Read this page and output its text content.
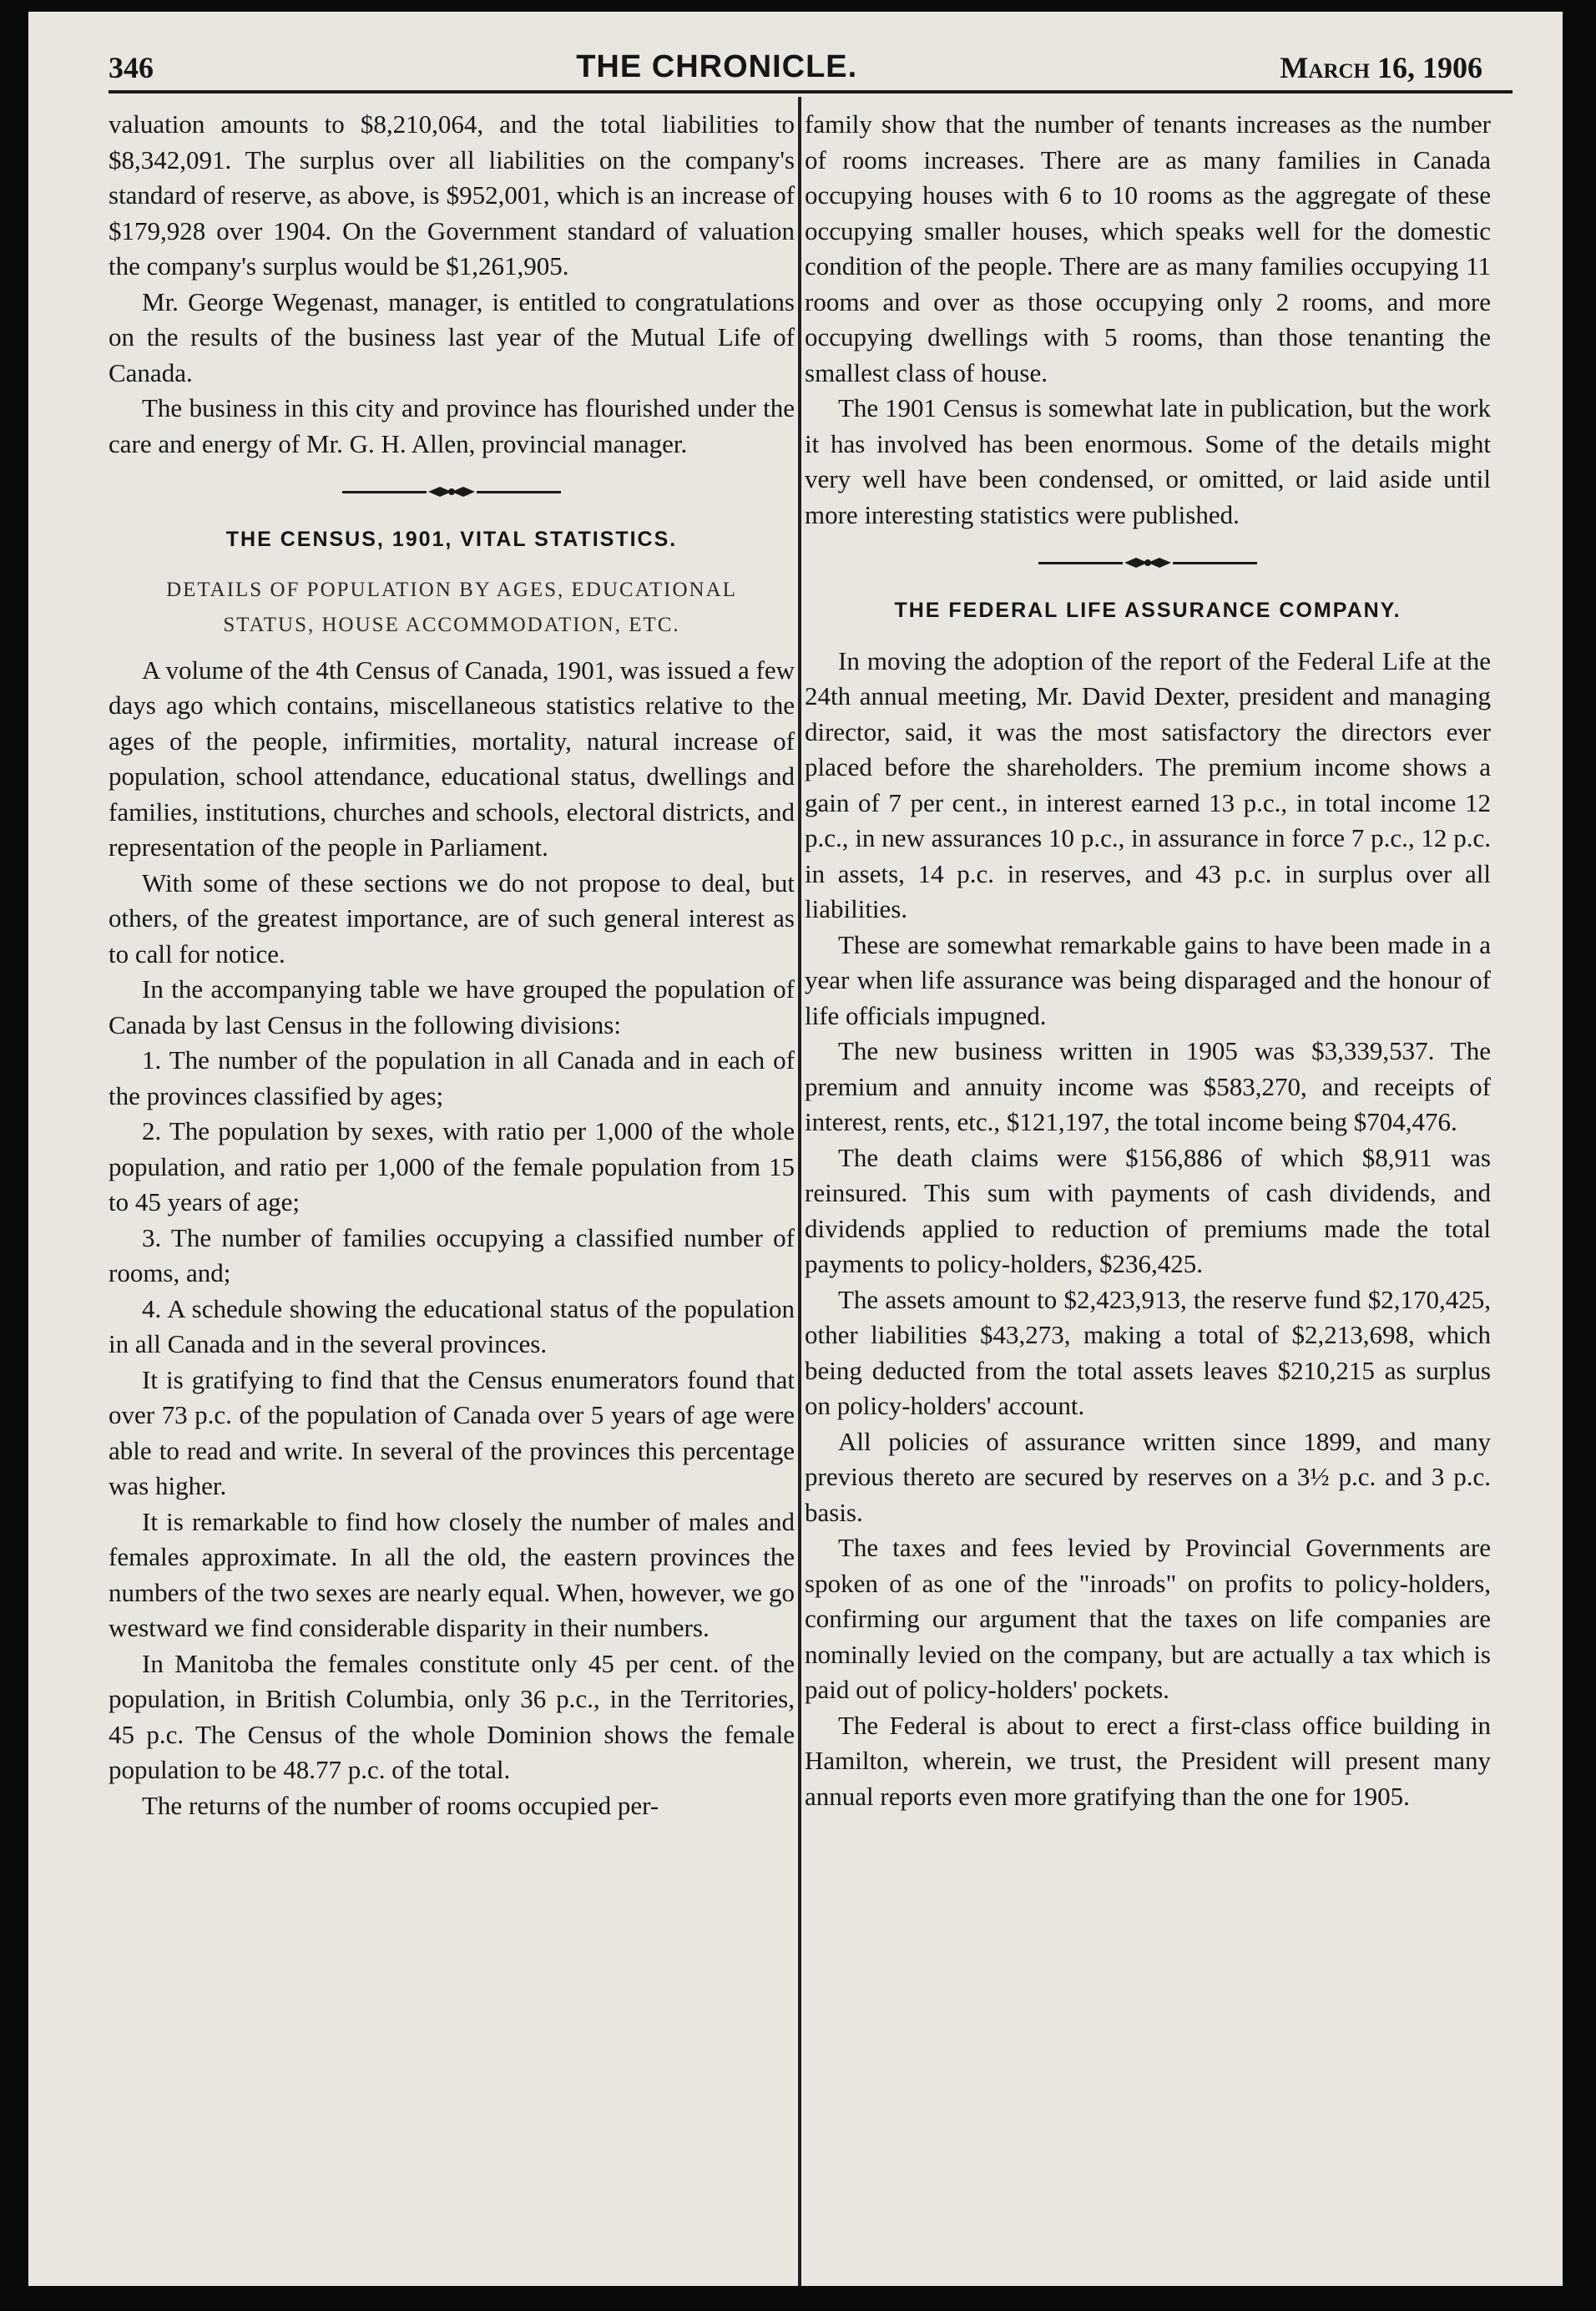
346	THE CHRONICLE.	March 16, 1906

valuation amounts to $8,210,064, and the total liabilities to $8,342,091. The surplus over all liabilities on the company's standard of reserve, as above, is $952,001, which is an increase of $179,928 over 1904. On the Government standard of valuation the company's surplus would be $1,261,905.

Mr. George Wegenast, manager, is entitled to congratulations on the results of the business last year of the Mutual Life of Canada.

The business in this city and province has flourished under the care and energy of Mr. G. H. Allen, provincial manager.

THE CENSUS, 1901, VITAL STATISTICS.
DETAILS OF POPULATION BY AGES, EDUCATIONAL STATUS, HOUSE ACCOMMODATION, ETC.

A volume of the 4th Census of Canada, 1901, was issued a few days ago which contains, miscellaneous statistics relative to the ages of the people, infirmities, mortality, natural increase of population, school attendance, educational status, dwellings and families, institutions, churches and schools, electoral districts, and representation of the people in Parliament.

With some of these sections we do not propose to deal, but others, of the greatest importance, are of such general interest as to call for notice.

In the accompanying table we have grouped the population of Canada by last Census in the following divisions:

1. The number of the population in all Canada and in each of the provinces classified by ages;

2. The population by sexes, with ratio per 1,000 of the whole population, and ratio per 1,000 of the female population from 15 to 45 years of age;

3. The number of families occupying a classified number of rooms, and;

4. A schedule showing the educational status of the population in all Canada and in the several provinces.

It is gratifying to find that the Census enumerators found that over 73 p.c. of the population of Canada over 5 years of age were able to read and write. In several of the provinces this percentage was higher.

It is remarkable to find how closely the number of males and females approximate. In all the old, the eastern provinces the numbers of the two sexes are nearly equal. When, however, we go westward we find considerable disparity in their numbers.

In Manitoba the females constitute only 45 per cent. of the population, in British Columbia, only 36 p.c., in the Territories, 45 p.c. The Census of the whole Dominion shows the female population to be 48.77 p.c. of the total.

The returns of the number of rooms occupied per-

family show that the number of tenants increases as the number of rooms increases. There are as many families in Canada occupying houses with 6 to 10 rooms as the aggregate of these occupying smaller houses, which speaks well for the domestic condition of the people. There are as many families occupying 11 rooms and over as those occupying only 2 rooms, and more occupying dwellings with 5 rooms, than those tenanting the smallest class of house.

The 1901 Census is somewhat late in publication, but the work it has involved has been enormous. Some of the details might very well have been condensed, or omitted, or laid aside until more interesting statistics were published.

THE FEDERAL LIFE ASSURANCE COMPANY.

In moving the adoption of the report of the Federal Life at the 24th annual meeting, Mr. David Dexter, president and managing director, said, it was the most satisfactory the directors ever placed before the shareholders. The premium income shows a gain of 7 per cent., in interest earned 13 p.c., in total income 12 p.c., in new assurances 10 p.c., in assurance in force 7 p.c., 12 p.c. in assets, 14 p.c. in reserves, and 43 p.c. in surplus over all liabilities.

These are somewhat remarkable gains to have been made in a year when life assurance was being disparaged and the honour of life officials impugned.

The new business written in 1905 was $3,339,537. The premium and annuity income was $583,270, and receipts of interest, rents, etc., $121,197, the total income being $704,476.

The death claims were $156,886 of which $8,911 was reinsured. This sum with payments of cash dividends, and dividends applied to reduction of premiums made the total payments to policy-holders, $236,425.

The assets amount to $2,423,913, the reserve fund $2,170,425, other liabilities $43,273, making a total of $2,213,698, which being deducted from the total assets leaves $210,215 as surplus on policy-holders' account.

All policies of assurance written since 1899, and many previous thereto are secured by reserves on a 3½ p.c. and 3 p.c. basis.

The taxes and fees levied by Provincial Governments are spoken of as one of the "inroads" on profits to policy-holders, confirming our argument that the taxes on life companies are nominally levied on the company, but are actually a tax which is paid out of policy-holders' pockets.

The Federal is about to erect a first-class office building in Hamilton, wherein, we trust, the President will present many annual reports even more gratifying than the one for 1905.
